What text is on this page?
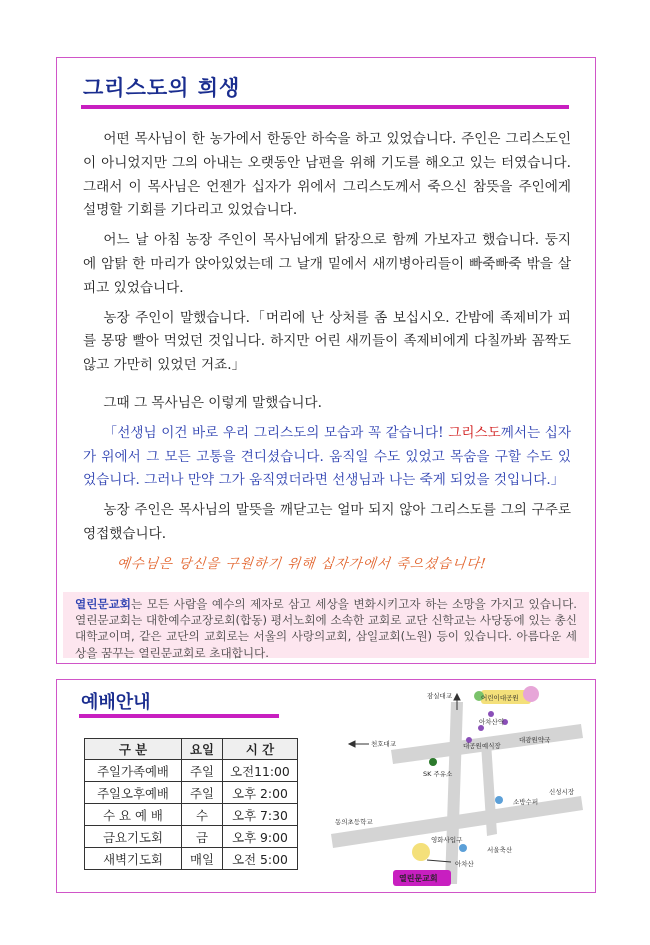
그리스도의 희생

어떤 목사님이 한 농가에서 한동안 하숙을 하고 있었습니다. 주인은 그리스도인이 아니었지만 그의 아내는 오랫동안 남편을 위해 기도를 해오고 있는 터였습니다. 그래서 이 목사님은 언젠가 십자가 위에서 그리스도께서 죽으신 참뜻을 주인에게 설명할 기회를 기다리고 있었습니다.

어느 날 아침 농장 주인이 목사님에게 닭장으로 함께 가보자고 했습니다. 둥지에 암탉 한 마리가 앉아있었는데 그 날개 밑에서 새끼병아리들이 빠죽빠죽 밖을 살피고 있었습니다.

농장 주인이 말했습니다.「머리에 난 상처를 좀 보십시오. 간밤에 족제비가 피를 몽땅 빨아 먹었던 것입니다. 하지만 어린 새끼들이 족제비에게 다칠까봐 꼼짝도 않고 가만히 있었던 거죠.」

그때 그 목사님은 이렇게 말했습니다.

「선생님 이건 바로 우리 그리스도의 모습과 꼭 같습니다! 그리스도께서는 십자가 위에서 그 모든 고통을 견디셨습니다. 움직일 수도 있었고 목숨을 구할 수도 있었습니다. 그러나 만약 그가 움직였더라면 선생님과 나는 죽게 되었을 것입니다.」

농장 주인은 목사님의 말뜻을 깨닫고는 얼마 되지 않아 그리스도를 그의 구주로 영접했습니다.

예수님은 당신을 구원하기 위해 십자가에서 죽으셨습니다!
열린문교회는 모든 사람을 예수의 제자로 삼고 세상을 변화시키고자 하는 소망을 가지고 있습니다. 열린문교회는 대한예수교장로회(합동) 평서노회에 소속한 교회로 교단 신학교는 사당동에 있는 총신대학교이며, 같은 교단의 교회로는 서울의 사랑의교회, 삼일교회(노원) 등이 있습니다. 아름다운 세상을 꿈꾸는 열린문교회로 초대합니다.
예배안내
구 분	요일	시 간
주일가족예배	주일	오전11:00
주일오후예배	주일	오후 2:00
수 요 예 배	수	오후 7:30
금요기도회	금	오후 9:00
새벽기도회	매일	오전 5:00
어린이대공원
잠실대교
천호대교
아차산역
대공원예식장
대광원약국
SK 주유소
소방수퍼
신성시장
동의초등학교
영화사입구
아차산
서울축산
열린문교회
